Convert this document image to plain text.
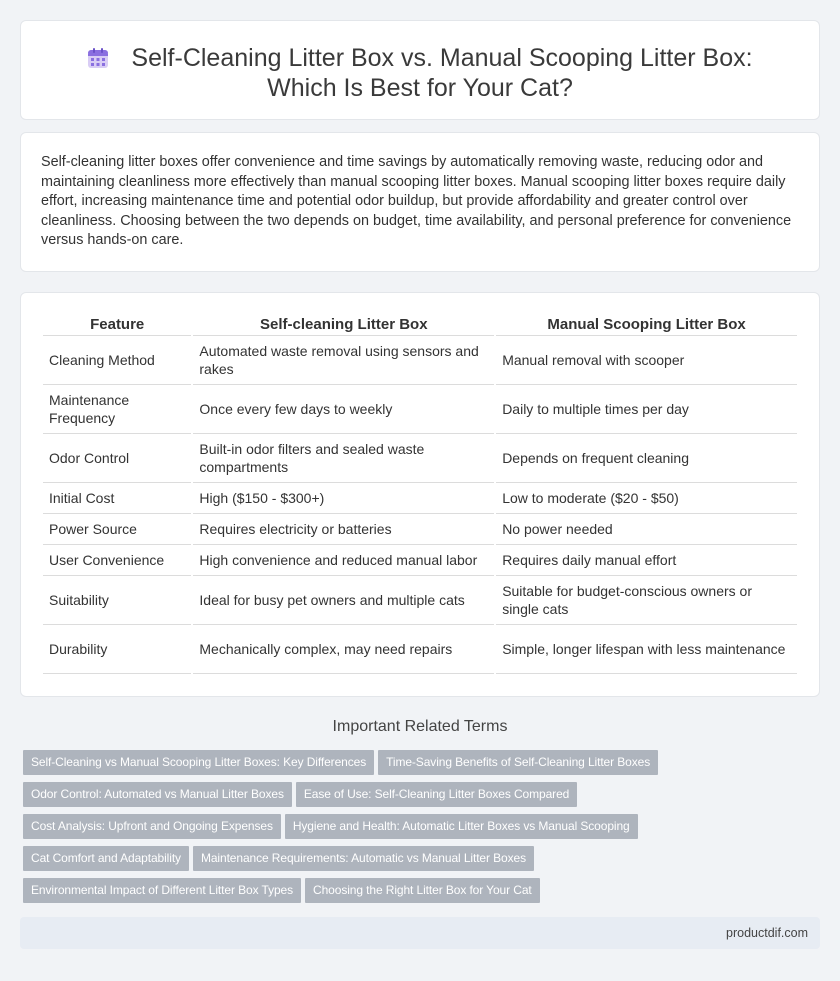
Self-Cleaning Litter Box vs. Manual Scooping Litter Box: Which Is Best for Your Cat?

Self-cleaning litter boxes offer convenience and time savings by automatically removing waste, reducing odor and maintaining cleanliness more effectively than manual scooping litter boxes. Manual scooping litter boxes require daily effort, increasing maintenance time and potential odor buildup, but provide affordability and greater control over cleanliness. Choosing between the two depends on budget, time availability, and personal preference for convenience versus hands-on care.

Feature	Self-cleaning Litter Box	Manual Scooping Litter Box
Cleaning Method	Automated waste removal using sensors and rakes	Manual removal with scooper
Maintenance Frequency	Once every few days to weekly	Daily to multiple times per day
Odor Control	Built-in odor filters and sealed waste compartments	Depends on frequent cleaning
Initial Cost	High ($150 - $300+)	Low to moderate ($20 - $50)
Power Source	Requires electricity or batteries	No power needed
User Convenience	High convenience and reduced manual labor	Requires daily manual effort
Suitability	Ideal for busy pet owners and multiple cats	Suitable for budget-conscious owners or single cats
Durability	Mechanically complex, may need repairs	Simple, longer lifespan with less maintenance
Important Related Terms
Self-Cleaning vs Manual Scooping Litter Boxes: Key Differences Time-Saving Benefits of Self-Cleaning Litter Boxes
Odor Control: Automated vs Manual Litter Boxes Ease of Use: Self-Cleaning Litter Boxes Compared
Cost Analysis: Upfront and Ongoing Expenses Hygiene and Health: Automatic Litter Boxes vs Manual Scooping
Cat Comfort and Adaptability Maintenance Requirements: Automatic vs Manual Litter Boxes
Environmental Impact of Different Litter Box Types Choosing the Right Litter Box for Your Cat
productdif.com
